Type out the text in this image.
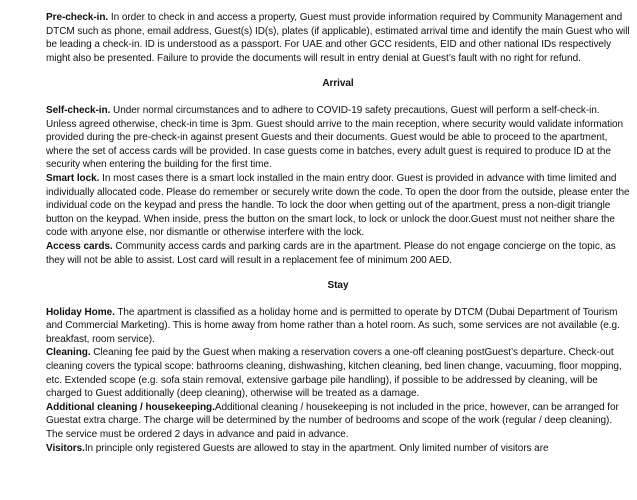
Pre-check-in. In order to check in and access a property, Guest must provide information required by Community Management and DTCM such as phone, email address, Guest(s) ID(s), plates (if applicable), estimated arrival time and identify the main Guest who will be leading a check-in. ID is understood as a passport. For UAE and other GCC residents, EID and other national IDs respectively might also be presented. Failure to provide the documents will result in entry denial at Guest’s fault with no right for refund.

Arrival

Self-check-in. Under normal circumstances and to adhere to COVID-19 safety precautions, Guest will perform a self-check-in. Unless agreed otherwise, check-in time is 3pm. Guest should arrive to the main reception, where security would validate information provided during the pre-check-in against present Guests and their documents. Guest would be able to proceed to the apartment, where the set of access cards will be provided. In case guests come in batches, every adult guest is required to produce ID at the security when entering the building for the first time.

Smart lock. In most cases there is a smart lock installed in the main entry door. Guest is provided in advance with time limited and individually allocated code. Please do remember or securely write down the code. To open the door from the outside, please enter the individual code on the keypad and press the handle. To lock the door when getting out of the apartment, press a non-digit triangle button on the keypad. When inside, press the button on the smart lock, to lock or unlock the door.Guest must not neither share the code with anyone else, nor dismantle or otherwise interfere with the lock.

Access cards. Community access cards and parking cards are in the apartment. Please do not engage concierge on the topic, as they will not be able to assist. Lost card will result in a replacement fee of minimum 200 AED.

Stay

Holiday Home. The apartment is classified as a holiday home and is permitted to operate by DTCM (Dubai Department of Tourism and Commercial Marketing). This is home away from home rather than a hotel room. As such, some services are not available (e.g. breakfast, room service).

Cleaning. Cleaning fee paid by the Guest when making a reservation covers a one-off cleaning postGuest’s departure. Check-out cleaning covers the typical scope: bathrooms cleaning, dishwashing, kitchen cleaning, bed linen change, vacuuming, floor mopping, etc. Extended scope (e.g. sofa stain removal, extensive garbage pile handling), if possible to be addressed by cleaning, will be charged to Guest additionally (deep cleaning), otherwise will be treated as a damage.

Additional cleaning / housekeeping.Additional cleaning / housekeeping is not included in the price, however, can be arranged for Guestat extra charge. The charge will be determined by the number of bedrooms and scope of the work (regular / deep cleaning). The service must be ordered 2 days in advance and paid in advance.

Visitors.In principle only registered Guests are allowed to stay in the apartment. Only limited number of visitors are
